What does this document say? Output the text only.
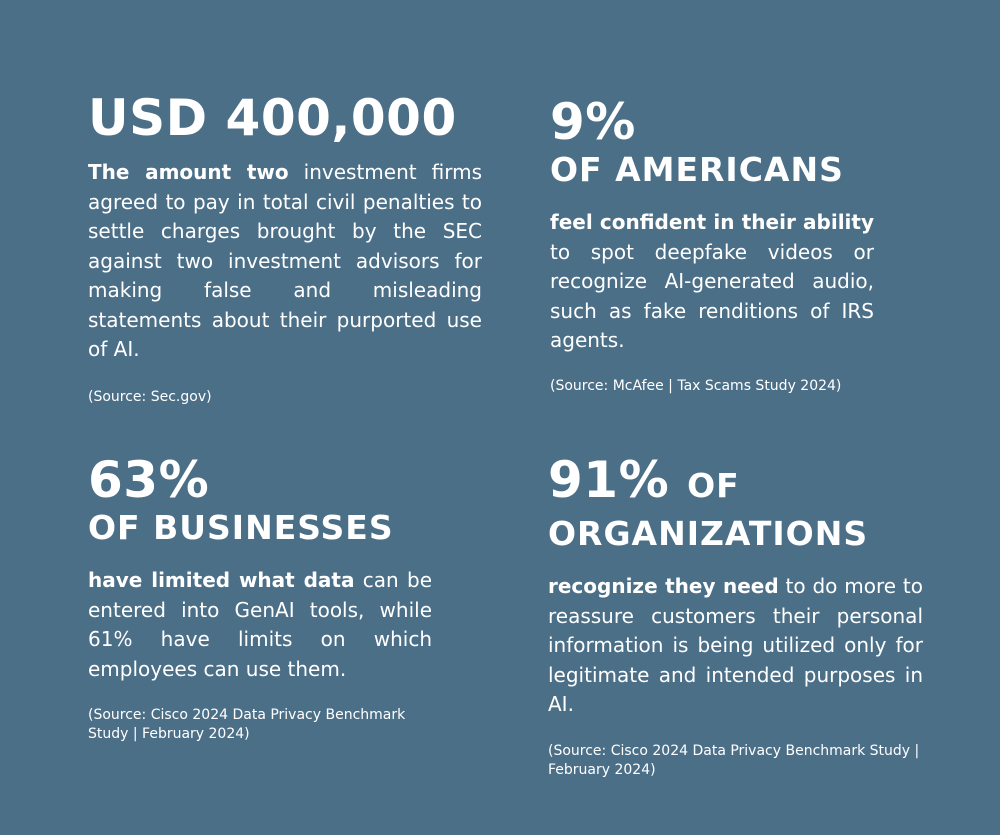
USD 400,000

The amount two investment firms agreed to pay in total civil penalties to settle charges brought by the SEC against two investment advisors for making false and misleading statements about their purported use of AI.

(Source: Sec.gov)

9%
OF AMERICANS

feel confident in their ability to spot deepfake videos or recognize AI-generated audio, such as fake renditions of IRS agents.

(Source: McAfee | Tax Scams Study 2024)

63%
OF BUSINESSES

have limited what data can be entered into GenAI tools, while 61% have limits on which employees can use them.

(Source: Cisco 2024 Data Privacy Benchmark Study | February 2024)

91% OF
ORGANIZATIONS

recognize they need to do more to reassure customers their personal information is being utilized only for legitimate and intended purposes in AI.

(Source: Cisco 2024 Data Privacy Benchmark Study | February 2024)
